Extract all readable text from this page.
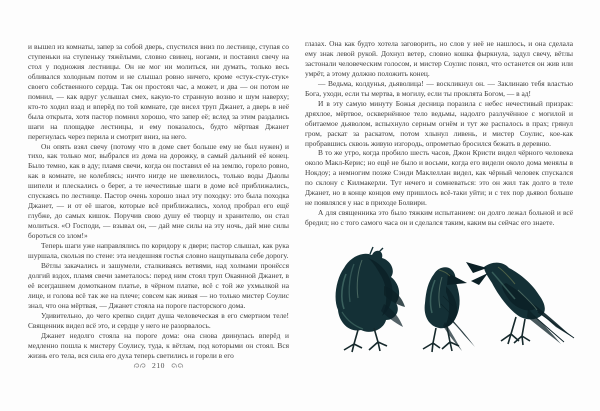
и вышел из комнаты, запер за собой дверь, спустился вниз по лестнице, ступая со ступеньки на ступеньку тяжёлыми, словно свинец, ногами, и поставил свечу на стол у подножия лестницы. Он не мог ни молиться, ни думать, только весь обливался холодным потом и не слышал ровно ничего, кроме «стук-стук-стук» своего собственного сердца. Так он простоял час, а может, и два — он потом не помнил, — как вдруг услышал смех, какую-то странную возню и шум наверху; кто-то ходил взад и вперёд по той комнате, где висел труп Джанет, а дверь в неё была открыта, хотя пастор помнил хорошо, что запер её; вслед за этим раздались шаги на площадке лестницы, и ему показалось, будто мёртвая Джанет перегнулась через перила и смотрит вниз, на него.

Он опять взял свечу (потому что в доме свет больше ему не был нужен) и тихо, как только мог, выбрался из дома на дорожку, в самый дальний её конец. Было темно, как в аду; пламя свечи, когда он поставил её на землю, горело ровно, как в комнате, не колеблясь; ничто нигде не шевелилось, только воды Дьюлы шипели и плескались о берег, а те нечестивые шаги в доме всё приближались, спускаясь по лестнице. Пастор очень хорошо знал эту походку: это была походка Джанет, — и от её шагов, которые всё приближались, холод пробрал его ещё глубже, до самых кишок. Поручив свою душу её творцу и хранителю, он стал молиться. «О Господи, — взывал он, — дай мне силы на эту ночь, дай мне силы бороться со злом!»

Теперь шаги уже направлялись по коридору к двери; пастор слышал, как рука шуршала, скользя по стене: эта нездешняя гостья словно нащупывала себе дорогу.

Вётлы закачались и зашумели, сталкиваясь ветвями, над холмами пронёсся долгий вздох, пламя свечи заметалось: перед ним стоял труп Окаянной Джанет, в её всегдашнем домотканом платье, в чёрном платке, всё с той же ухмылкой на лице, и голова всё так же на плече; совсем как живая — но только мистер Соулис знал, что она мёртвая, — Джанет стояла на пороге пасторского дома.

Удивительно, до чего крепко сидит душа человеческая в его смертном теле! Священник видел всё это, и сердце у него не разорвалось.

Джанет недолго стояла на пороге дома: она снова двинулась вперёд и медленно пошла к мистеру Соулису, туда, к вётлам, под которыми он стоял. Вся жизнь его тела, вся сила его духа теперь светились и горели в его

210

глазах. Она как будто хотела заговорить, но слов у неё не нашлось, и она сделала ему знак левой рукой. Дохнул ветер, словно кошка фыркнула, задул свечу, вётлы застонали человеческим голосом, и мистер Соулис понял, что останется он жив или умрёт, а этому должно положить конец.

— Ведьма, колдунья, дьяволица! — воскликнул он. — Заклинаю тебя властью Бога, уходи, если ты мертва, в могилу, если ты проклята Богом, — в ад!

И в эту самую минуту Божья десница поразила с небес нечестивый призрак: дряхлое, мёртвое, осквернённое тело ведьмы, надолго разлучённое с могилой и обитаемое дьяволом, вспыхнуло серным огнём и тут же распалось в прах; грянул гром, раскат за раскатом, потом хлынул ливень, и мистер Соулис, кое-как пробравшись сквозь живую изгородь, опрометью бросился бежать в деревню.

В то же утро, когда пробило шесть часов, Джон Кристи видел чёрного человека около Макл-Керис; но ещё не было и восьми, когда его видели около дома менялы в Нокдоу; а немногим позже Сэнди Маклеллан видел, как чёрный человек спускался по склону с Килмакерли. Тут нечего и сомневаться: это он жил так долго в теле Джанет, но в конце концов ему пришлось всё-таки уйти; и с тех пор дьявол больше не появлялся у нас в приходе Болвири.

А для священника это было тяжким испытанием: он долго лежал больной и всё бредил; но с того самого часа он и сделался таким, каким вы сейчас его знаете.
